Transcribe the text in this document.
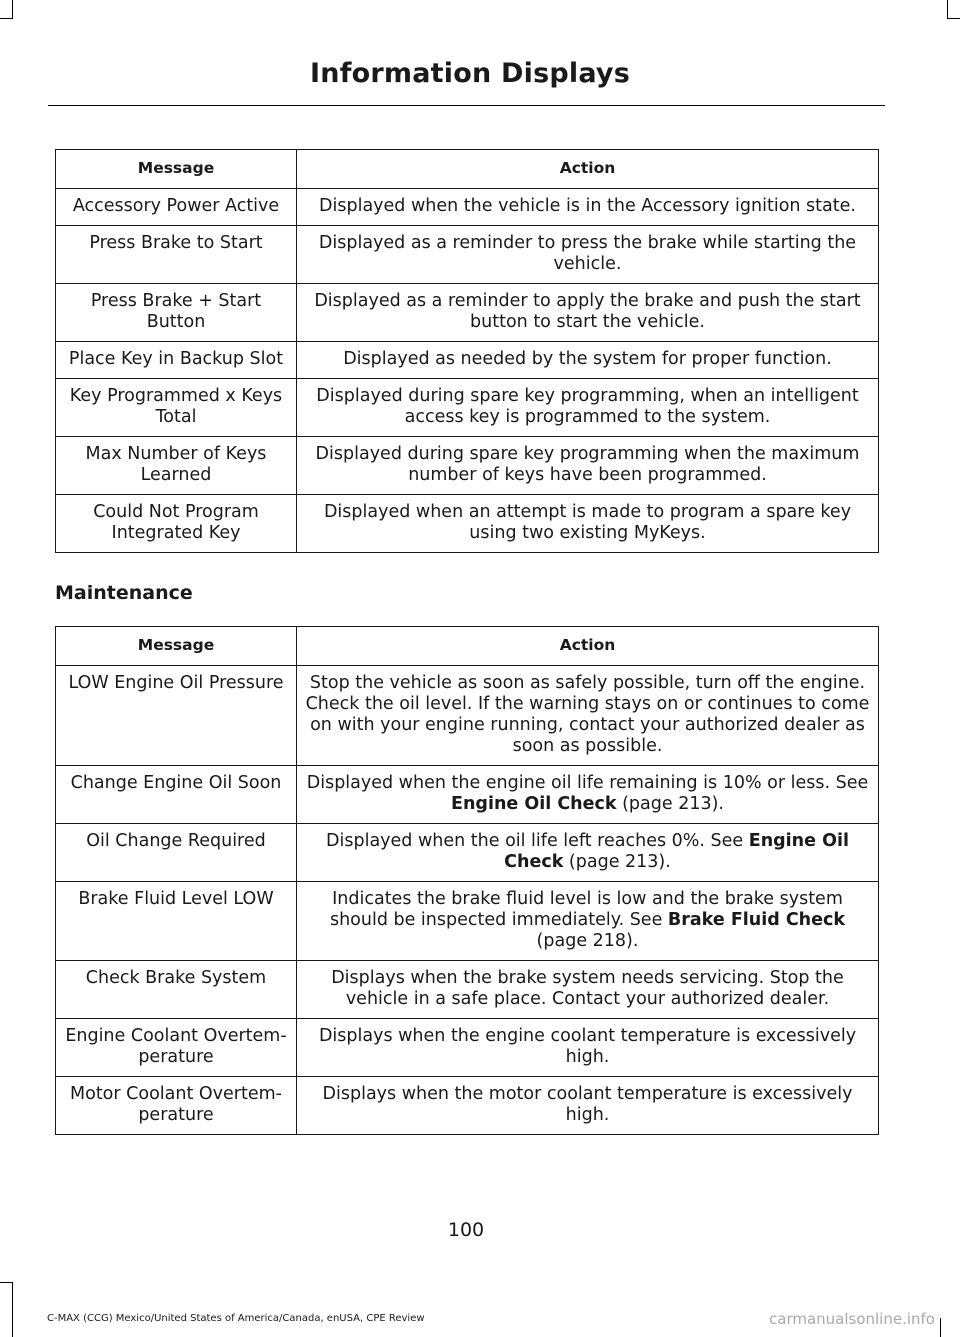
Information Displays
Message	Action
Accessory Power Active	Displayed when the vehicle is in the Accessory ignition state.
Press Brake to Start	Displayed as a reminder to press the brake while starting the vehicle.
Press Brake + Start Button	Displayed as a reminder to apply the brake and push the start button to start the vehicle.
Place Key in Backup Slot	Displayed as needed by the system for proper function.
Key Programmed x Keys Total	Displayed during spare key programming, when an intelligent access key is programmed to the system.
Max Number of Keys Learned	Displayed during spare key programming when the maximum number of keys have been programmed.
Could Not Program Integrated Key	Displayed when an attempt is made to program a spare key using two existing MyKeys.
Maintenance
Message	Action
LOW Engine Oil Pressure	Stop the vehicle as soon as safely possible, turn off the engine. Check the oil level. If the warning stays on or continues to come on with your engine running, contact your authorized dealer as soon as possible.
Change Engine Oil Soon	Displayed when the engine oil life remaining is 10% or less. See Engine Oil Check (page 213).
Oil Change Required	Displayed when the oil life left reaches 0%. See Engine Oil Check (page 213).
Brake Fluid Level LOW	Indicates the brake fluid level is low and the brake system should be inspected immediately. See Brake Fluid Check (page 218).
Check Brake System	Displays when the brake system needs servicing. Stop the vehicle in a safe place. Contact your authorized dealer.
Engine Coolant Overtem-perature	Displays when the engine coolant temperature is excessively high.
Motor Coolant Overtem-perature	Displays when the motor coolant temperature is excessively high.
100
C-MAX (CCG) Mexico/United States of America/Canada, enUSA, CPE Review	carmanualsonline.info
